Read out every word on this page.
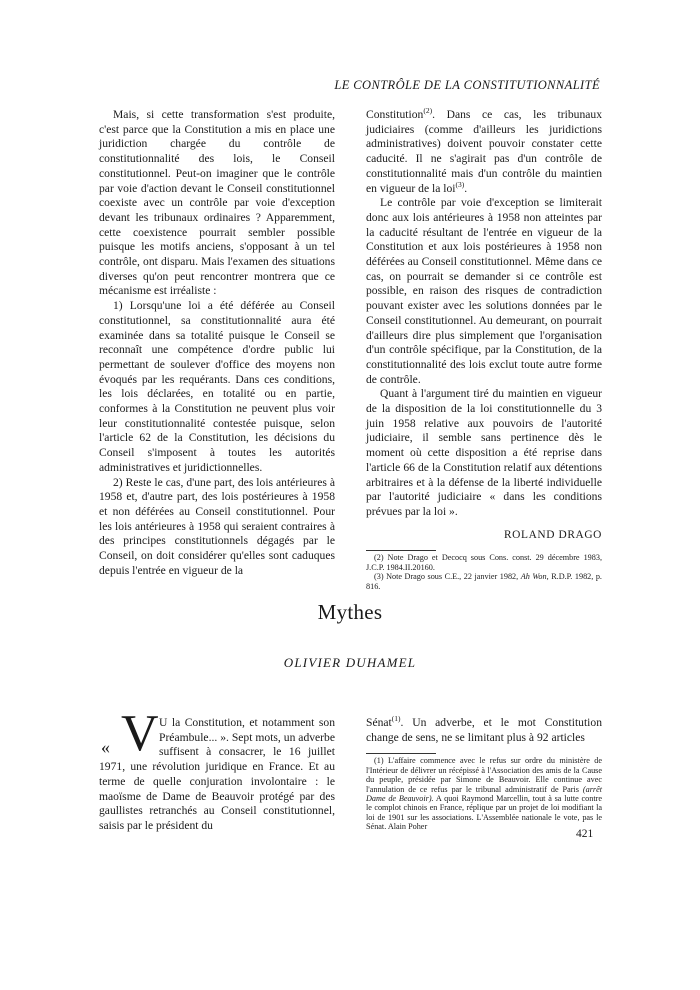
LE CONTRÔLE DE LA CONSTITUTIONNALITÉ

Mais, si cette transformation s'est produite, c'est parce que la Constitution a mis en place une juridiction chargée du contrôle de constitutionnalité des lois, le Conseil constitutionnel. Peut-on imaginer que le contrôle par voie d'action devant le Conseil constitutionnel coexiste avec un contrôle par voie d'exception devant les tribunaux ordinaires ? Apparemment, cette coexistence pourrait sembler possible puisque les motifs anciens, s'opposant à un tel contrôle, ont disparu. Mais l'examen des situations diverses qu'on peut rencontrer montrera que ce mécanisme est irréaliste :

1) Lorsqu'une loi a été déférée au Conseil constitutionnel, sa constitutionnalité aura été examinée dans sa totalité puisque le Conseil se reconnaît une compétence d'ordre public lui permettant de soulever d'office des moyens non évoqués par les requérants. Dans ces conditions, les lois déclarées, en totalité ou en partie, conformes à la Constitution ne peuvent plus voir leur constitutionnalité contestée puisque, selon l'article 62 de la Constitution, les décisions du Conseil s'imposent à toutes les autorités administratives et juridictionnelles.

2) Reste le cas, d'une part, des lois antérieures à 1958 et, d'autre part, des lois postérieures à 1958 et non déférées au Conseil constitutionnel. Pour les lois antérieures à 1958 qui seraient contraires à des principes constitutionnels dégagés par le Conseil, on doit considérer qu'elles sont caduques depuis l'entrée en vigueur de la

Constitution$^{(2)}$. Dans ce cas, les tribunaux judiciaires (comme d'ailleurs les juridictions administratives) doivent pouvoir constater cette caducité. Il ne s'agirait pas d'un contrôle de constitutionnalité mais d'un contrôle du maintien en vigueur de la loi$^{(3)}$.

Le contrôle par voie d'exception se limiterait donc aux lois antérieures à 1958 non atteintes par la caducité résultant de l'entrée en vigueur de la Constitution et aux lois postérieures à 1958 non déférées au Conseil constitutionnel. Même dans ce cas, on pourrait se demander si ce contrôle est possible, en raison des risques de contradiction pouvant exister avec les solutions données par le Conseil constitutionnel. Au demeurant, on pourrait d'ailleurs dire plus simplement que l'organisation d'un contrôle spécifique, par la Constitution, de la constitutionnalité des lois exclut toute autre forme de contrôle.

Quant à l'argument tiré du maintien en vigueur de la disposition de la loi constitutionnelle du 3 juin 1958 relative aux pouvoirs de l'autorité judiciaire, il semble sans pertinence dès le moment où cette disposition a été reprise dans l'article 66 de la Constitution relatif aux détentions arbitraires et à la défense de la liberté individuelle par l'autorité judiciaire « dans les conditions prévues par la loi ».

ROLAND DRAGO

(2) Note Drago et Decocq sous Cons. const. 29 décembre 1983, J.C.P. 1984.II.20160.

(3) Note Drago sous C.E., 22 janvier 1982, Ah Won, R.D.P. 1982, p. 816.

Mythes
OLIVIER DUHAMEL

« V U la Constitution, et notamment son Préambule... ». Sept mots, un adverbe suffisent à consacrer, le 16 juillet 1971, une révolution juridique en France. Et au terme de quelle conjuration involontaire : le maoïsme de Dame de Beauvoir protégé par des gaullistes retranchés au Conseil constitutionnel, saisis par le président du

Sénat$^{(1)}$. Un adverbe, et le mot Constitution change de sens, ne se limitant plus à 92 articles

(1) L'affaire commence avec le refus sur ordre du ministère de l'Intérieur de délivrer un récépissé à l'Association des amis de la Cause du peuple, présidée par Simone de Beauvoir. Elle continue avec l'annulation de ce refus par le tribunal administratif de Paris (arrêt Dame de Beauvoir). A quoi Raymond Marcellin, tout à sa lutte contre le complot chinois en France, réplique par un projet de loi modifiant la loi de 1901 sur les associations. L'Assemblée nationale le vote, pas le Sénat. Alain Poher

421
